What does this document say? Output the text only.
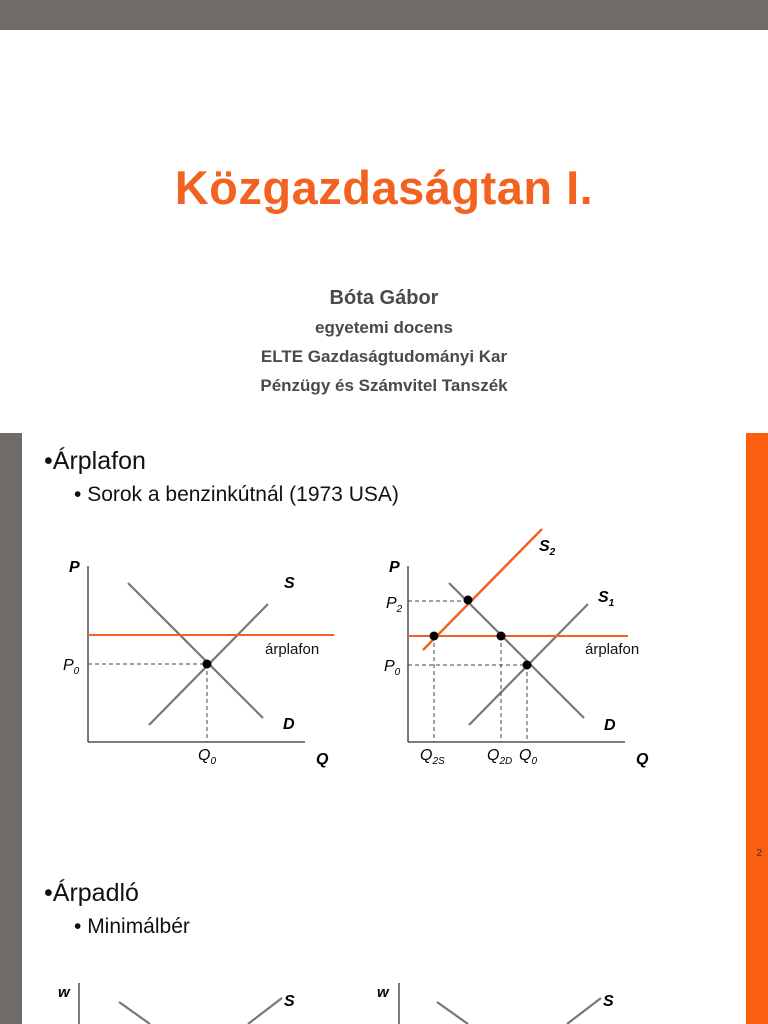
Közgazdaságtan I.
Bóta Gábor
egyetemi docens
ELTE Gazdaságtudományi Kar
Pénzügy és Számvitel Tanszék
2
•Árplafon
• Sorok a benzinkútnál (1973 USA)
P
S
árplafon
$P_0$
D
$Q_0$	Q
P
$S_2$
$S_1$
$P_2$
árplafon
$P_0$
D
$Q_{2S}$	$Q_{2D}$ $Q_0$	Q
•Árpadló
• Minimálbér
w
S
w
S
